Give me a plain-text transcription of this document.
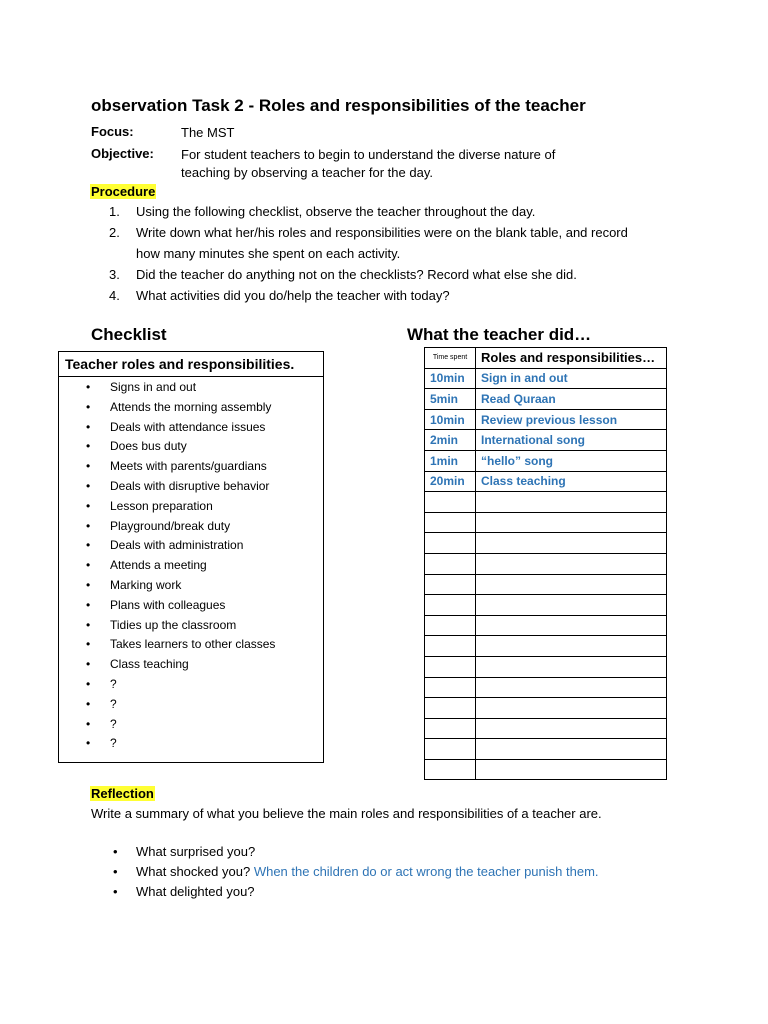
observation Task 2 - Roles and responsibilities of the teacher
Focus:	The MST
Objective: For student teachers to begin to understand the diverse nature of
teaching by observing a teacher for the day.
Procedure
1. Using the following checklist, observe the teacher throughout the day.
2. Write down what her/his roles and responsibilities were on the blank table, and record
how many minutes she spent on each activity.
3. Did the teacher do anything not on the checklists? Record what else she did.
4. What activities did you do/help the teacher with today?
Checklist	What the teacher did…
Teacher roles and responsibilities.
• Signs in and out
• Attends the morning assembly
• Deals with attendance issues
• Does bus duty
• Meets with parents/guardians
• Deals with disruptive behavior
• Lesson preparation
• Playground/break duty
• Deals with administration
• Attends a meeting
• Marking work
• Plans with colleagues
• Tidies up the classroom
• Takes learners to other classes
• Class teaching
• ?
• ?
• ?
• ?
Time spent	Roles and responsibilities…
10min	Sign in and out
5min	Read Quraan
10min	Review previous lesson
2min	International song
1min	“hello” song
20min	Class teaching

Reflection
Write a summary of what you believe the main roles and responsibilities of a teacher are.
• What surprised you?
• What shocked you? When the children do or act wrong the teacher punish them.
• What delighted you?
